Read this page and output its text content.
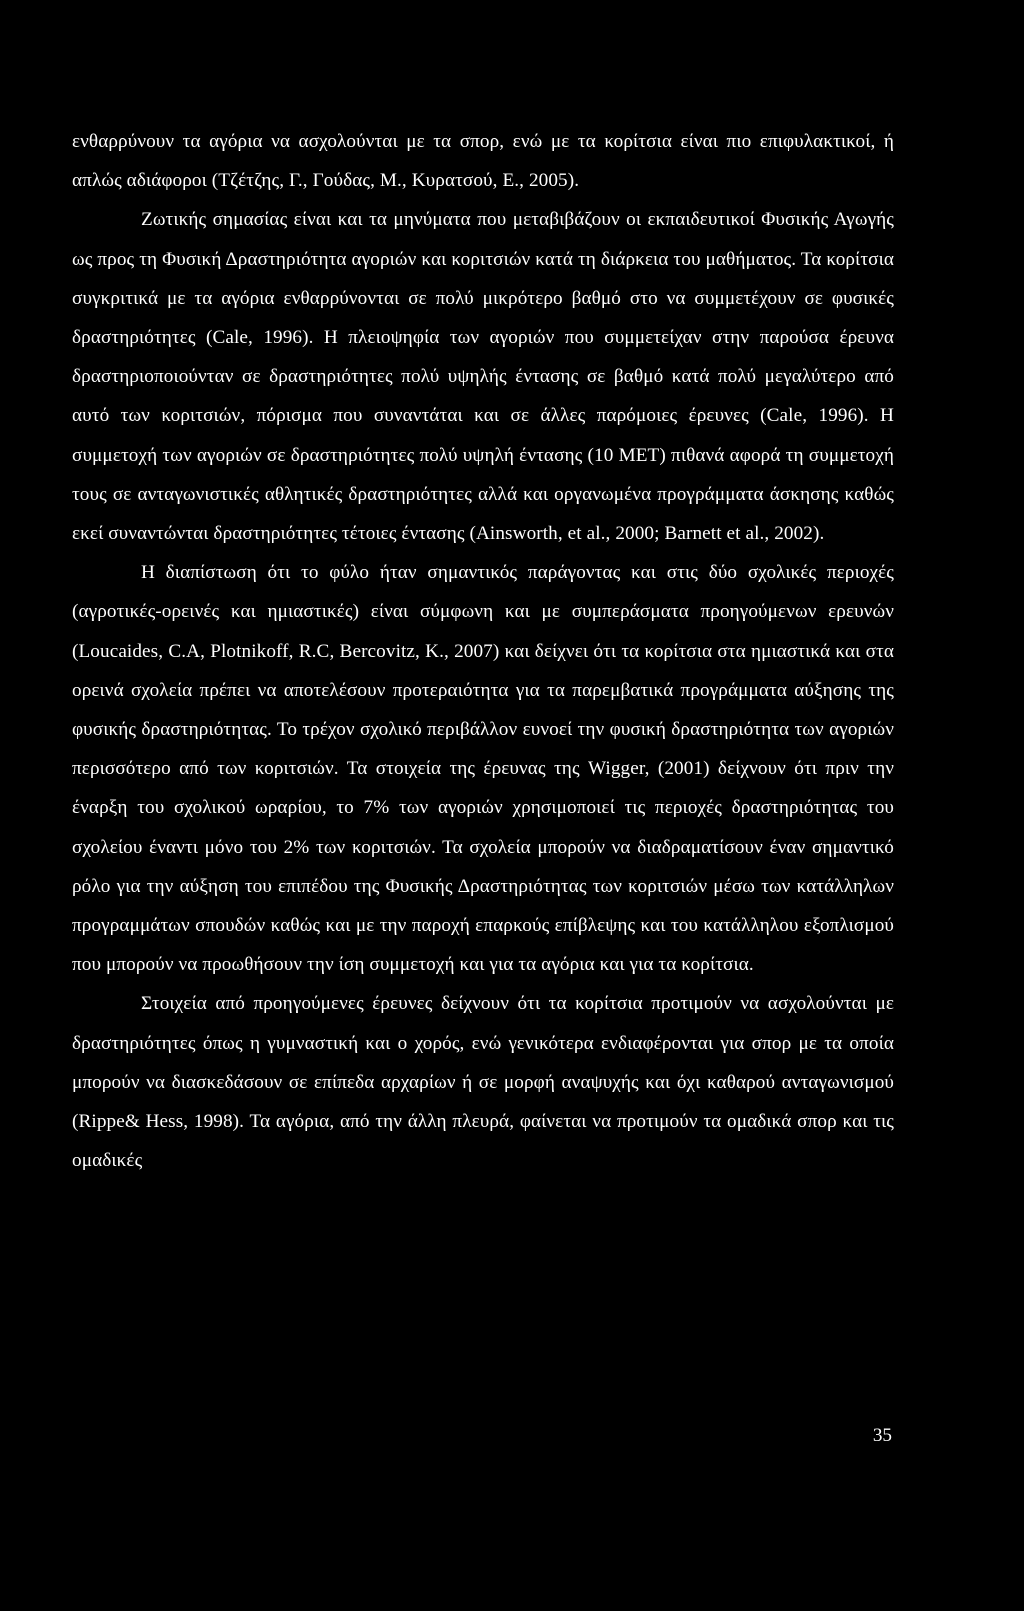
ενθαρρύνουν τα αγόρια να ασχολούνται με τα σπορ, ενώ με τα κορίτσια είναι πιο επιφυλακτικοί, ή απλώς αδιάφοροι (Τζέτζης, Γ., Γούδας, Μ., Κυρατσού, Ε., 2005).

Ζωτικής σημασίας είναι και τα μηνύματα που μεταβιβάζουν οι εκπαιδευτικοί Φυσικής Αγωγής ως προς τη Φυσική Δραστηριότητα αγοριών και κοριτσιών κατά τη διάρκεια του μαθήματος. Τα κορίτσια συγκριτικά με τα αγόρια ενθαρρύνονται σε πολύ μικρότερο βαθμό στο να συμμετέχουν σε φυσικές δραστηριότητες (Cale, 1996). Η πλειοψηφία των αγοριών που συμμετείχαν στην παρούσα έρευνα δραστηριοποιούνταν σε δραστηριότητες πολύ υψηλής έντασης σε βαθμό κατά πολύ μεγαλύτερο από αυτό των κοριτσιών, πόρισμα που συναντάται και σε άλλες παρόμοιες έρευνες (Cale, 1996). Η συμμετοχή των αγοριών σε δραστηριότητες πολύ υψηλή έντασης (10 ΜΕΤ) πιθανά αφορά τη συμμετοχή τους σε ανταγωνιστικές αθλητικές δραστηριότητες αλλά και οργανωμένα προγράμματα άσκησης καθώς εκεί συναντώνται δραστηριότητες τέτοιες έντασης (Ainsworth, et al., 2000; Barnett et al., 2002).

Η διαπίστωση ότι το φύλο ήταν σημαντικός παράγοντας και στις δύο σχολικές περιοχές (αγροτικές-ορεινές και ημιαστικές) είναι σύμφωνη και με συμπεράσματα προηγούμενων ερευνών (Loucaides, C.A, Plotnikoff, R.C, Bercovitz, K., 2007) και δείχνει ότι τα κορίτσια στα ημιαστικά και στα ορεινά σχολεία πρέπει να αποτελέσουν προτεραιότητα για τα παρεμβατικά προγράμματα αύξησης της φυσικής δραστηριότητας. Το τρέχον σχολικό περιβάλλον ευνοεί την φυσική δραστηριότητα των αγοριών περισσότερο από των κοριτσιών. Τα στοιχεία της έρευνας της Wigger, (2001) δείχνουν ότι πριν την έναρξη του σχολικού ωραρίου, το 7% των αγοριών χρησιμοποιεί τις περιοχές δραστηριότητας του σχολείου έναντι μόνο του 2% των κοριτσιών. Τα σχολεία μπορούν να διαδραματίσουν έναν σημαντικό ρόλο για την αύξηση του επιπέδου της Φυσικής Δραστηριότητας των κοριτσιών μέσω των κατάλληλων προγραμμάτων σπουδών καθώς και με την παροχή επαρκούς επίβλεψης και του κατάλληλου εξοπλισμού που μπορούν να προωθήσουν την ίση συμμετοχή και για τα αγόρια και για τα κορίτσια.

Στοιχεία από προηγούμενες έρευνες δείχνουν ότι τα κορίτσια προτιμούν να ασχολούνται με δραστηριότητες όπως η γυμναστική και ο χορός, ενώ γενικότερα ενδιαφέρονται για σπορ με τα οποία μπορούν να διασκεδάσουν σε επίπεδα αρχαρίων ή σε μορφή αναψυχής και όχι καθαρού ανταγωνισμού (Rippe& Hess, 1998). Τα αγόρια, από την άλλη πλευρά, φαίνεται να προτιμούν τα ομαδικά σπορ και τις ομαδικές

35
